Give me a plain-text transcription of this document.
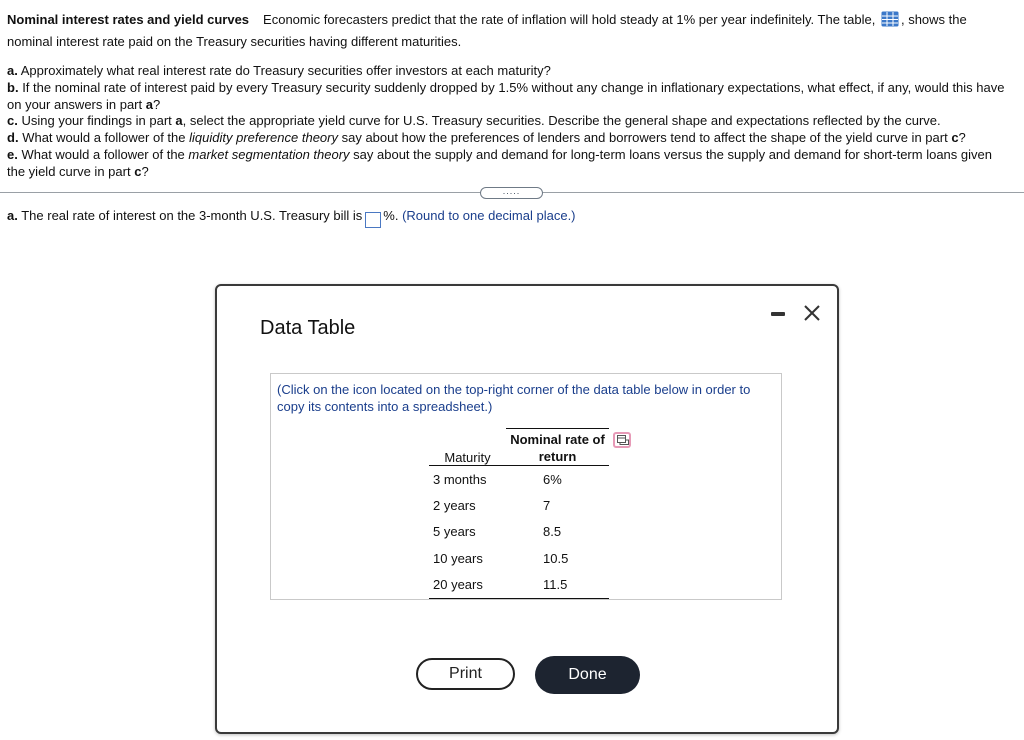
Nominal interest rates and yield curves Economic forecasters predict that the rate of inflation will hold steady at 1% per year indefinitely. The table, , shows the nominal interest rate paid on the Treasury securities having different maturities.

a. Approximately what real interest rate do Treasury securities offer investors at each maturity?

b. If the nominal rate of interest paid by every Treasury security suddenly dropped by 1.5% without any change in inflationary expectations, what effect, if any, would this have on your answers in part a?

c. Using your findings in part a, select the appropriate yield curve for U.S. Treasury securities. Describe the general shape and expectations reflected by the curve.

d. What would a follower of the liquidity preference theory say about how the preferences of lenders and borrowers tend to affect the shape of the yield curve in part c?

e. What would a follower of the market segmentation theory say about the supply and demand for long-term loans versus the supply and demand for short-term loans given the yield curve in part c?

.....
a. The real rate of interest on the 3-month U.S. Treasury bill is %. (Round to one decimal place.)
Data Table
(Click on the icon located on the top-right corner of the data table below in order to copy its contents into a spreadsheet.)
Maturity	Nominal rate of return

3 months	6%
2 years	7
5 years	8.5
10 years	10.5
20 years	11.5
Print	Done
